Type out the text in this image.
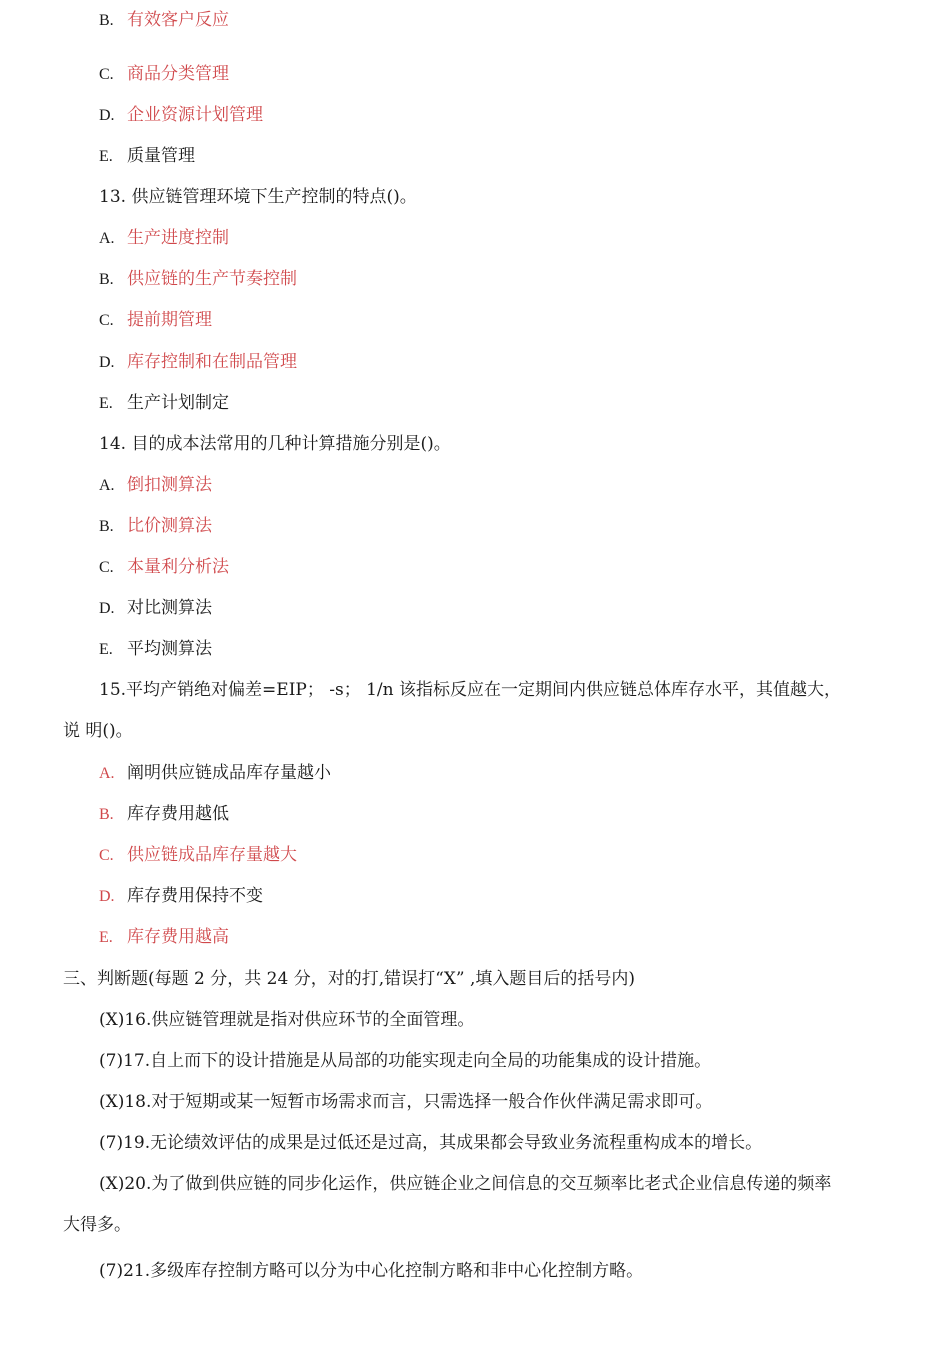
B. 有效客户反应
C. 商品分类管理
D. 企业资源计划管理
E. 质量管理
13. 供应链管理环境下生产控制的特点()。
A. 生产进度控制
B. 供应链的生产节奏控制
C. 提前期管理
D. 库存控制和在制品管理
E. 生产计划制定
14. 目的成本法常用的几种计算措施分别是()。
A. 倒扣测算法
B. 比价测算法
C. 本量利分析法
D. 对比测算法
E. 平均测算法
15.平均产销绝对偏差=EIP； -s； 1/n 该指标反应在一定期间内供应链总体库存水平，其值越大，
说 明()。
A. 阐明供应链成品库存量越小
B. 库存费用越低
C. 供应链成品库存量越大
D. 库存费用保持不变
E. 库存费用越高
三、判断题(每题 2 分，共 24 分，对的打,错误打“X” ,填入题目后的括号内)
(X)16.供应链管理就是指对供应环节的全面管理。
(7)17.自上而下的设计措施是从局部的功能实现走向全局的功能集成的设计措施。
(X)18.对于短期或某一短暂市场需求而言，只需选择一般合作伙伴满足需求即可。
(7)19.无论绩效评估的成果是过低还是过高，其成果都会导致业务流程重构成本的增长。
(X)20.为了做到供应链的同步化运作，供应链企业之间信息的交互频率比老式企业信息传递的频率
大得多。
(7)21.多级库存控制方略可以分为中心化控制方略和非中心化控制方略。
